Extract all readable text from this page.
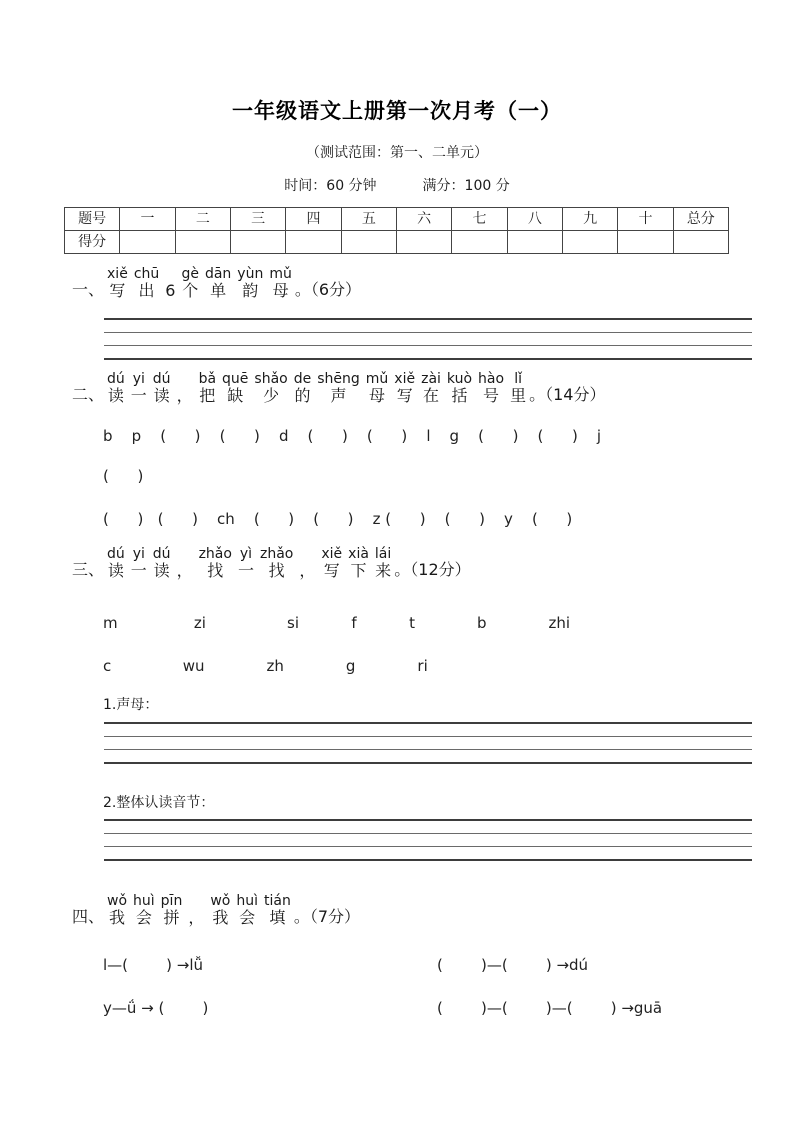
一年级语文上册第一次月考（一）
（测试范围：第一、二单元）
时间：60 分钟	满分：100 分
题号	一	二	三	四	五	六	七	八	九	十	总分
得分
一、
xiě
写
chū
出 6
gè
个
dān
单
yùn
韵
mǔ
母 。（6分）
二、
dú
读
yi
一
dú
读 ，
bǎ
把
quē
缺
shǎo
少
de
的
shēng
声
mǔ
母
xiě
写
zài
在
kuò
括
hào
号
lǐ
里 。（14分）
b    p    (      )    (      )    d    (      )    (      )    l    g    (      )    (      )    j
(      )
(      )   (      )    ch    (      )    (      )    z (      )    (      )    y    (      )
三、
dú
读
yi
一
dú
读 ，
zhǎo
找
yì
一
zhǎo
找 ，
xiě
写
xià
下
lái
来 。（12分）
m                zi                 si           f           t             b             zhi
c               wu             zh             g             ri
1.声母：
2.整体认读音节：
四、
wǒ
我
huì
会
pīn
拼 ，
wǒ
我
huì
会
tián
填 。（7分）
l—(        ) →lǚ	(        )—(        ) →dú
y—ǘ → (        )	(        )—(        )—(        ) →guā
